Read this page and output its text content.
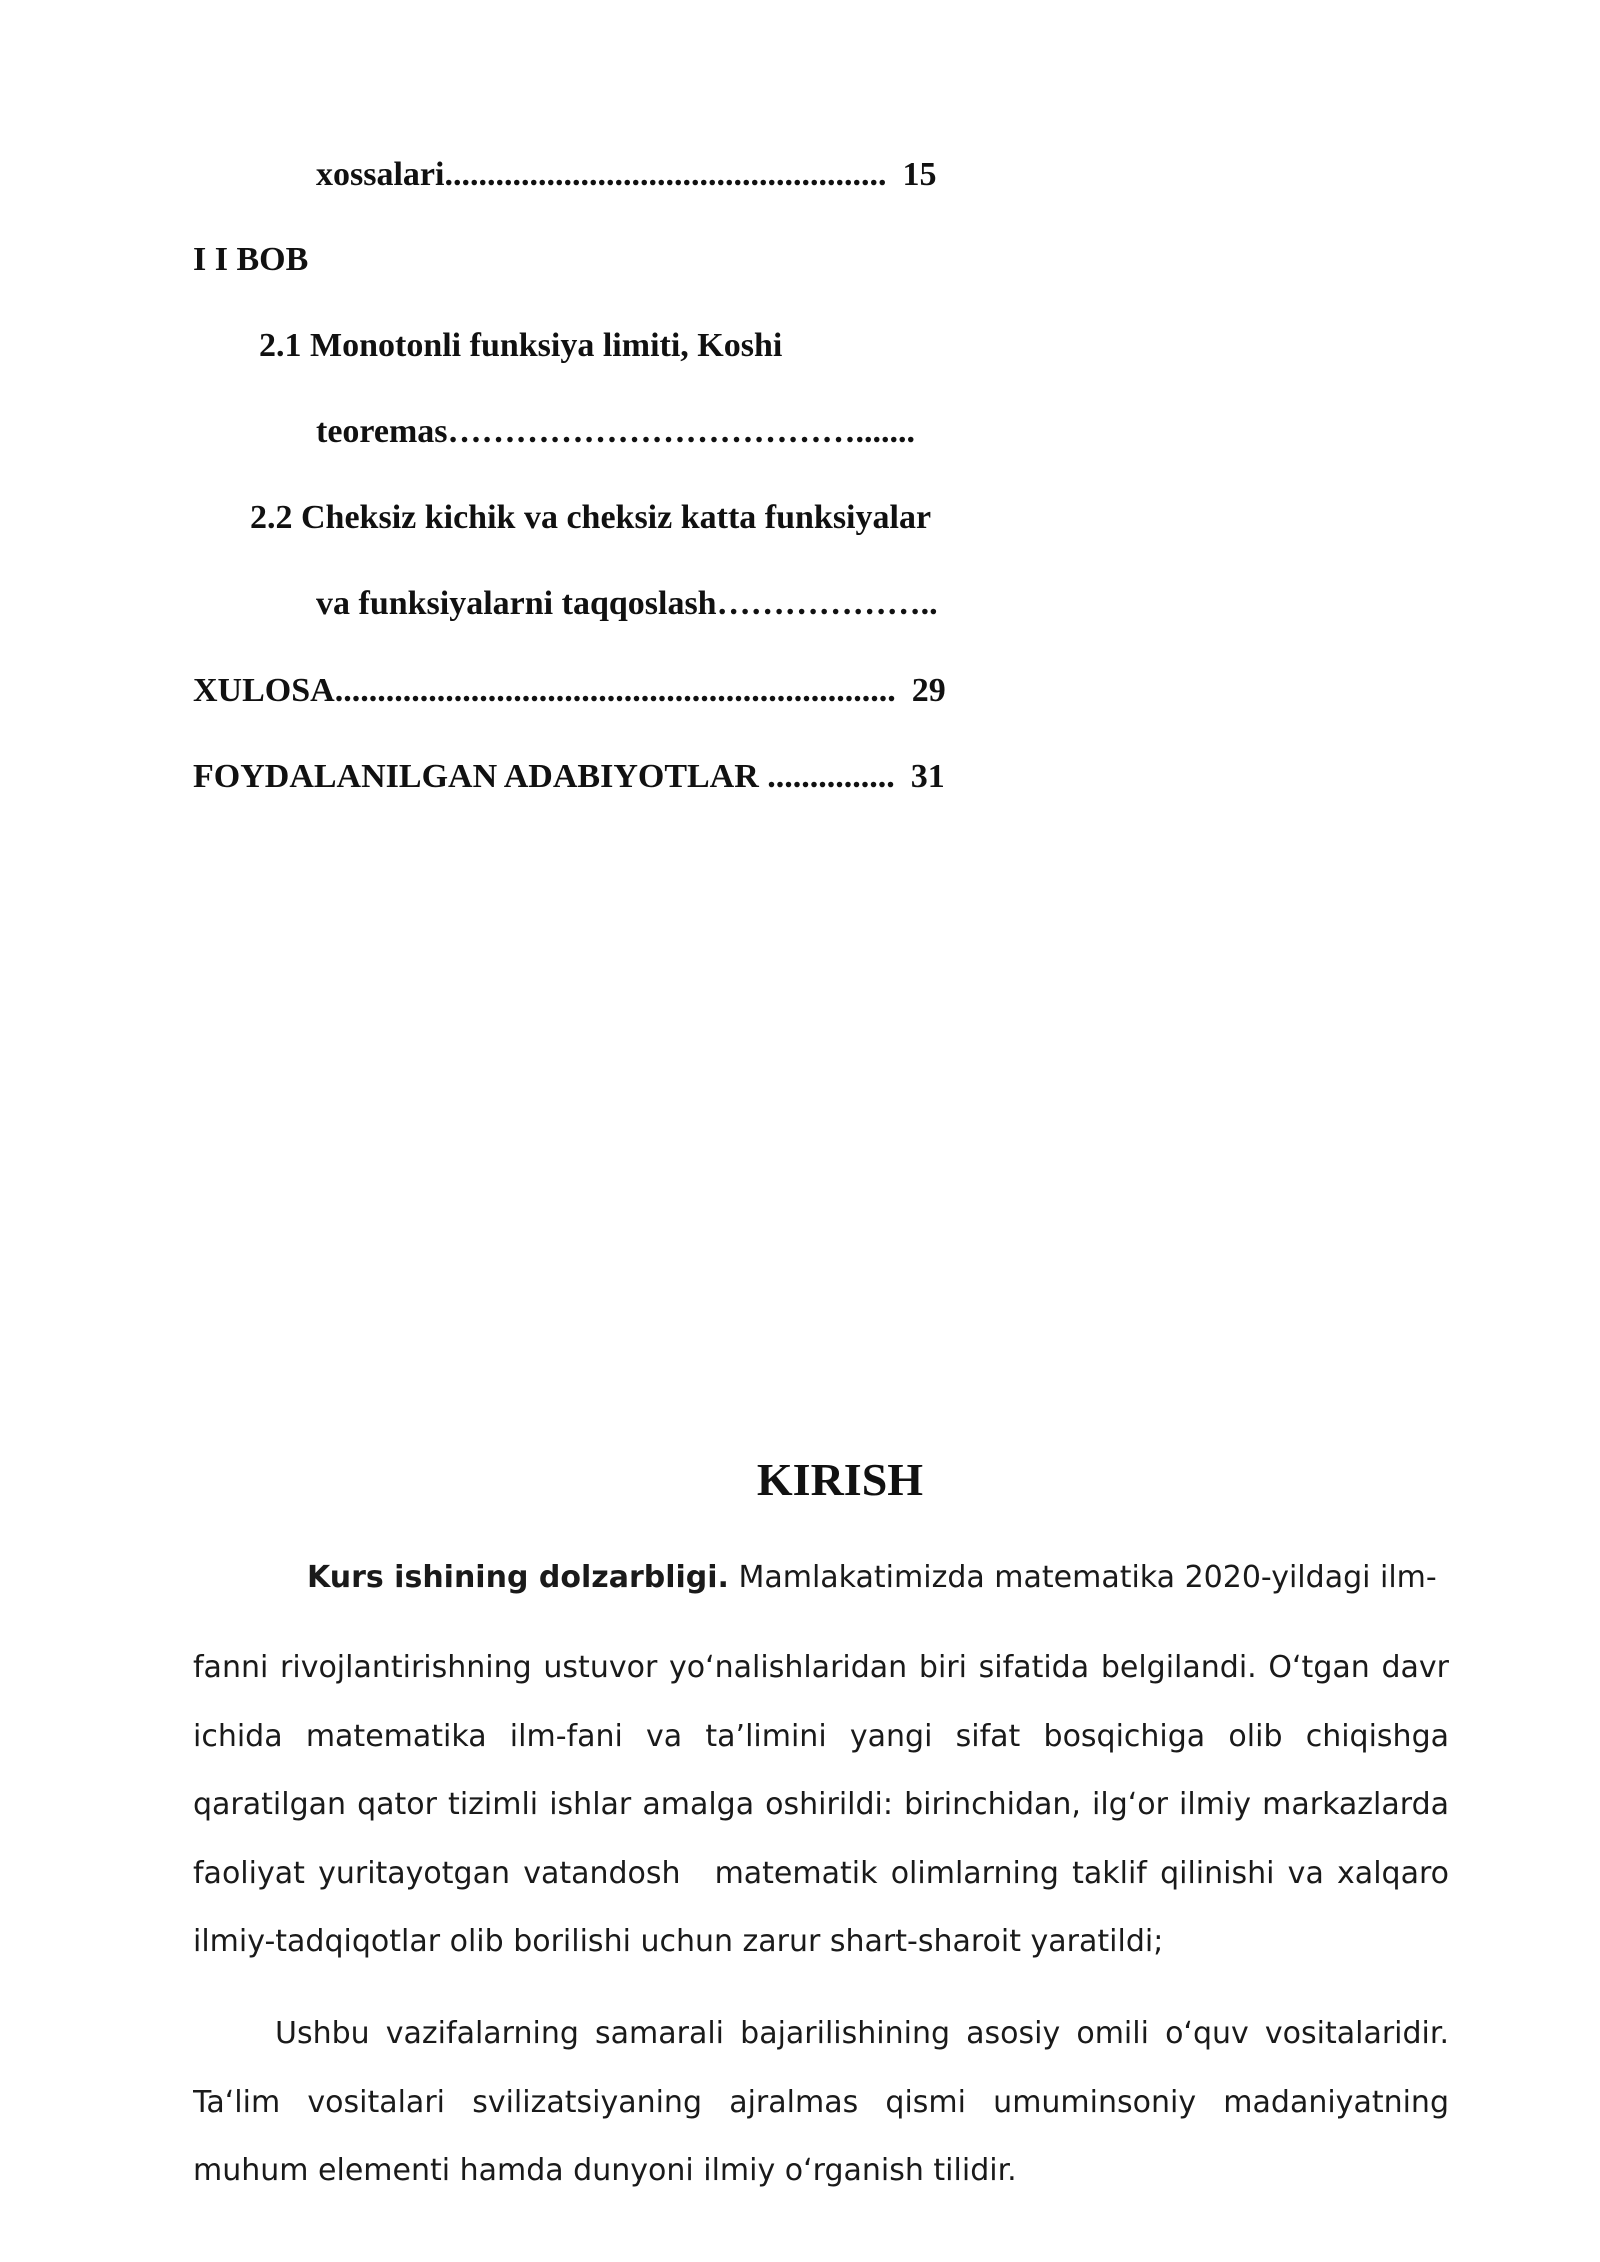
xossalari.................................................... 15
I I BOB
2.1 Monotonli funksiya limiti, Koshi
teoremas……………………………….......
2.2 Cheksiz kichik va cheksiz katta funksiyalar
va funksiyalarni taqqoslash………………..
XULOSA.................................................................. 29
FOYDALANILGAN ADABIYOTLAR ............... 31
KIRISH

Kurs ishining dolzarbligi. Mamlakatimizda matematika 2020-yildagi ilm-

fanni rivojlantirishning ustuvor yoʻnalishlaridan biri sifatida belgilandi. Oʻtgan davr
ichida matematika ilm-fani va ta’limini yangi sifat bosqichiga olib chiqishga
qaratilgan qator tizimli ishlar amalga oshirildi: birinchidan, ilgʻor ilmiy markazlarda
faoliyat yuritayotgan vatandosh matematik olimlarning taklif qilinishi va xalqaro
ilmiy-tadqiqotlar olib borilishi uchun zarur shart-sharoit yaratildi;
Ushbu vazifalarning samarali bajarilishining asosiy omili oʻquv vositalaridir.
Taʻlim vositalari svilizatsiyaning ajralmas qismi umuminsoniy madaniyatning
muhum elementi hamda dunyoni ilmiy oʻrganish tilidir.
